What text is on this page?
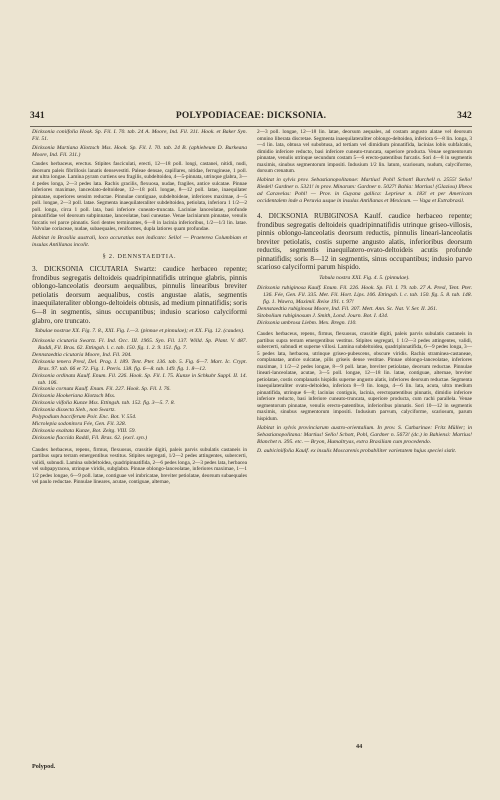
341	POLYPODIACEAE: DICKSONIA.	342

Dicksonia coniifolia Hook. Sp. Fil. I. 70. tab. 24 A. Moore, Ind. Fil. 311. Hook. et Baker Syn. Fil. 51.

Dicksonia Martiana Klotzsch Mss. Hook. Sp. Fil. I. 70. tab. 24 B. (aphiebeum D. Burkeana Moore, Ind. Fil. 311.)

Caudex herbaceus, erectus. Stipites fasciculati, erecti, 12—18 poll. longi, castanei, nitidi, nudi, deorsum paleis fibrillosis lanatis densevestiti. Paleae densae, capillares, nitidae, ferrugineae, 1 poll. aut ultra longae. Lamina pyram curtiens seu fragilis, subdeltoidea, 4—5-pinnata, utrinque glabra, 3—4 pedes longa, 2—3 pedes lata. Rachis gracilis, flexuosa, nudae, fragiles, antice sulcatae. Pinnae inferiores maximae, lanceolato-deltoideae, 12—18 poll. longae, 8—12 poll. latae, inaequilater pinnatae, superiores sensim reductae. Pinnulae contiguae, subdeltoideae, inferiores maximae, 4—5 poll. longae, 2—3 poll. latae. Segmenta inaequilateraliter subdeltoidea, petiolata, inferiora 1 1/2—2 poll. longa, circa 1 poll. lata, basi inferiore cuneato-truncata. Laciniae lanceolatae, profunde pinnatifidae vel deorsum subpinnatae, lanceolatae, basi cuneatae. Venae laciniarum pinnatae, venulis furcatis vel parce pinnatis. Sori dentes terminantes, 6—8 in lacinia inferioribus, 1/2—1/3 lin. latae. Valvulae coriaceae, nudae, subaequales, reniformes, dupla latiores quam profundae.

Habitat in Brasilia australi, loco accuratius non indicato: Sello! — Praeterea Columbiam et insulas Antillanas incolit.

§ 2. DENNSTAEDTIA.

3. DICKSONIA CICUTARIA Swartz: caudice herbaceo repente; frondibus segregatis deltoideis quadripinnatifidis utrinque glabris, pinnis oblongo-lanceolatis deorsum aequalibus, pinnulis linearibus breviter petiolatis deorsum aequalibus, costis angustae alatis, segmentis inaequilateraliter oblongo-deltoideis obtusis, ad medium pinnatifidis; soris 6—8 in segmentis, sinus occupantibus; indusio scarioso calyciformi glabro, ore truncato.

Tabulae nostrae XX. Fig. 7. 8., XXI. Fig. I.—3. (pinnae et pinnulae); et XX. Fig. 12. (caudex).

Dicksonia cicutaria Swartz. Fl. Ind. Occ. III. 1965. Syn. Fil. 137. Willd. Sp. Plant. V. 487. Raddi, Fil. Bras. 62. Ettingsh. l. c. tab. 150. fig. 1. 2. 9. 151. fig. 7.

Dennstaedtia cicutaria Moore, Ind. Fil. 304.

Dicksonia tenera Presl, Del. Prag. I. 189. Tent. Pter. 136. tab. 5. Fig. 6—7. Mart. Ic. Crypt. Bras. 97. tab. 66 et 72. Fig. 1. Pteris. 138. fig. 6—8. tab. 149. fig. 1. 8—12.

Dicksonia ordinata Kaulf. Enum. Fil. 226. Hook. Sp. Fil. I. 75. Kunze in Schkuhr Suppl. II. 14. tab. 106.

Dicksonia cornuta Kaulf. Enum. Fil. 227. Hook. Sp. Fil. I. 76.

Dicksonia Hookeriana Klotzsch Mss.

Dicksonia viifolia Kunze Mss. Ettingsh. tab. 152. fig. 3—5. 7. 8.

Dicksonia dissecta Sieb., non Swartz.

Polypodium bacciferum Poir. Enc. Bot. V. 554.

Microlepia sodonitora Fée, Gen. Fil. 328.

Dicksonia exaltata Kunze, Bot. Zeitg. VIII. 59.

Dicksonia flaccida Raddi, Fil. Bras. 62. (excl. syn.)

Caudex herbaceus, repens, firmus, flexuosus, crassitie digiti, paleis parvis subulatis castaneis in partibus supra terram emergentibus vestitus. Stipites segregati, 1/2—2 pedes attingentes, subercerti, validi, subnudi. Lamina subdeltoidea, quadripinnatifida, 2—6 pedes longa, 2—3 pedes lata, herbacea vel subpapyracea, utrinque viridis, subglabra. Pinnae oblongo-lanceolatae, inferiores maximae, 1—1 1/2 pedes longae, 6—9 poll. latae, contiguae vel imbricatae, breviter petiolatae, deorsum subaequales vel paulo reductae. Pinnulae lineares, acutae, contiguae, alternae,

Polypod.

2—3 poll. longae, 12—18 lin. latae, deorsum aequales, ad costam angusto alatae vel deorsum omnino liberata discretae. Segmenta inaequilateraliter oblongo-deltoidea, inferiora 6—8 lin. longa, 3—4 lin. lata, obtusa vel subobtusa, ad tertiam vel dimidium pinnatifida, lacinias lobis subfalcatis, dimidio inferiore reducto, basi inferiore cuneato-truncata, superiore producta. Venae segmentorum pinnatae, venulis utrinque secundum costam 5—6 erecto-patentibus furcatis. Sori 4—8 in segmentis maximis, sinubus segmentorum impositi. Indusium 1/2 lin. latum, scariosum, nudum, calyciforme, dorsum crenatum.

Habitat in sylvis prov. Sebastianopolitanae: Martius! Pohl! Schott! Burchell n. 2555! Sello! Riedel! Gardner n. 5321! in prov. Minarum: Gardner n. 5027! Bahia: Martius! (Glaziou) Ilheos ad Caravelas: Pohl! — Prov. in Guyana gallica: Leprieur n. 183! et per Americam occidentalem inde a Peruvia usque in insulas Antillanas et Mexicum. — Vaga et Extrabrasil.

4. DICKSONIA RUBIGINOSA Kaulf. caudice herbaceo repente; frondibus segregatis deltoideis quadripinnatifidis utrinque griseo-villosis, pinnis oblongo-lanceolatis deorsum reductis, pinnulis lineari-lanceolatis breviter petiolatis, costis superne angusto alatis, inferioribus deorsum reductis, segmentis inaequilatero-ovato-deltoideis acutis profunde pinnatifidis; soris 8—12 in segmentis, sinus occupantibus; indusio parvo scarioso calyciformi parum hispido.

Tabula nostra XXI. Fig. 4. 5. (pinnulae).

Dicksonia rubiginosa Kaulf. Enum. Fil. 226. Hook. Sp. Fil. I. 79. tab. 27 A. Presl, Tent. Pter. 136. Fée, Gen. Fil. 335. Met. Fil. Hort. Lips. 106. Ettingsh. l. c. tab. 150. fig. 5. 8. tab. 148. fig. 1. Wawra, Maximil. Reise 191. t. 97!

Dennstaedtia rubiginosa Moore, Ind. Fil. 307. Mett. Ann. Sc. Nat. V. Ser. II. 261.

Sitobolium rubiginosum J. Smith, Lond. Journ. Bot. I. 434.

Dicksonia umbrosa Liebm. Mex. Bregn. 110.

Caudex herbaceus, repens, firmus, flexuosus, crassitie digiti, paleis parvis subulatis castaneis in partibus supra terram emergentibus vestitus. Stipites segregati, 1 1/2—3 pedes attingentes, validi, subercerti, subnudi et superne villosi. Lamina subdeltoidea, quadripinnatifida, 6—9 pedes longa, 3—5 pedes lata, herbacea, utrinque griseo-pubescens, obscure viridis. Rachis straminea-castaneae, complanatae, antice sulcatae, pilis griseis dense vestitae. Pinnae oblongo-lanceolatae, inferiores maximae, 1 1/2—2 pedes longae, 8—9 poll. latae, breviter petiolatae, deorsum reductae. Pinnulae lineari-lanceolatae, acutae, 3—5 poll. longae, 12—18 lin. latae, contiguae, alternae, breviter petiolatae, costis complanatis hispidis superne angusto alatis, inferiores deorsum reductae. Segmenta inaequilateraliter ovato-deltoidea, inferiora 8—9 lin. longa, 4—6 lin. lata, acuta, ultra medium pinnatifida, utrinque 6—8; lacinias contiguis, lacinia, erectopatentibus pinnatis, dimidio inferiore inferiore reducto, basi inferiore cuneato-truncata, superiore producta, cum rachi parallela. Venae segmentorum pinnatae, venulis erecto-patentibus, inferioribus pinnatis. Sori 10—12 in segmentis maximis, sinubus segmentorum impositi. Indusium parvum, calyciforme, scariosum, parum hispidum.

Habitat in sylvis provinciarum austro-orientalium. In prov. S. Catharinae: Fritz Müller; in Sebastianopolitana: Martius! Sello! Schott, Pohl, Gardner n. 5673! (dc.) in Bahiensi: Martius! Blanchet n. 395. etc. — Bryon, Humaltryas, extra Brasiliam cum procedendo.

D. aubiciniifolia Kaulf. ex insulis Moscarenis probabiliter varietatem hujus speciei sistit.

44
